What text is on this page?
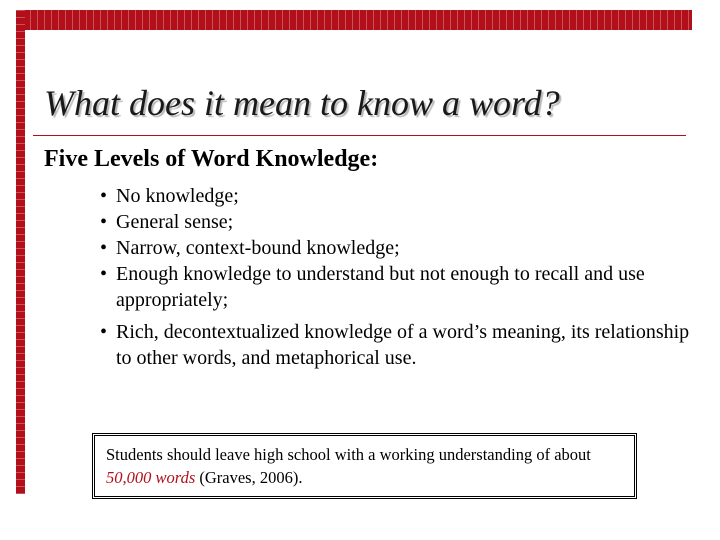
What does it mean to know a word?
Five Levels of Word Knowledge:
• No knowledge;
• General sense;
• Narrow, context-bound knowledge;
• Enough knowledge to understand but not enough to recall and use appropriately;
• Rich, decontextualized knowledge of a word’s meaning, its relationship to other words, and metaphorical use.

Students should leave high school with a working understanding of about 50,000 words (Graves, 2006).
